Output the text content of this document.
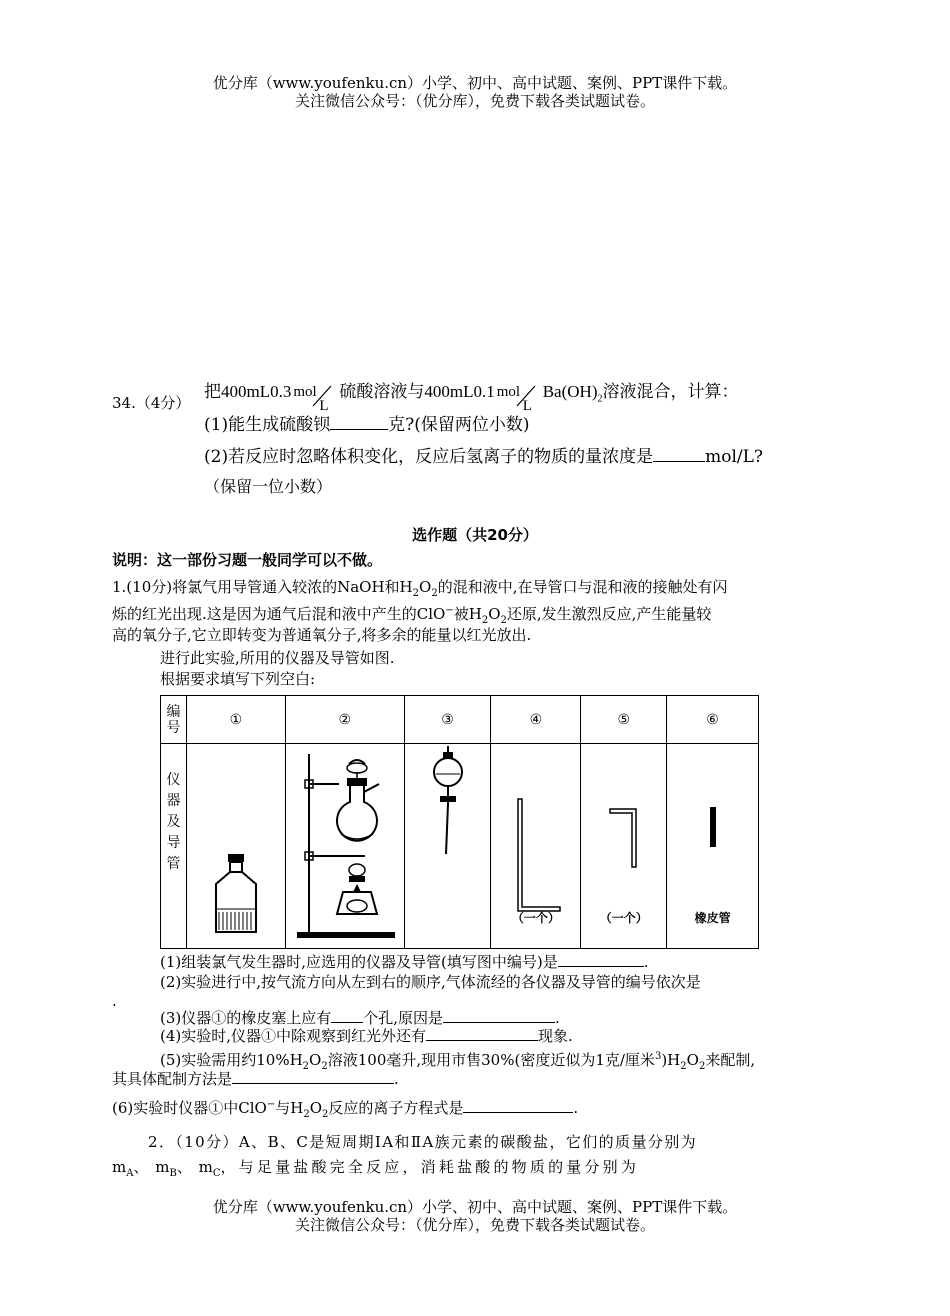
优分库（www.youfenku.cn）小学、初中、高中试题、案例、PPT课件下载。
关注微信公众号：（优分库），免费下载各类试题试卷。
34.（4分）
把400mL0.3 mol
L
硫酸溶液与400mL0.1 mol
L
$Ba(OH)_2$溶液混合，计算：
(1)能生成硫酸钡	克?(保留两位小数)
(2)若反应时忽略体积变化，反应后氢离子的物质的量浓度是	mol/L?
（保留一位小数）
选作题（共20分）
说明：这一部份习题一般同学可以不做。
1.(10分)将氯气用导管通入较浓的NaOH和$H_2O_2$的混和液中,在导管口与混和液的接触处有闪
烁的红光出现.这是因为通气后混和液中产生的ClO−被$H_2O_2$还原,发生激烈反应,产生能量较
高的氧分子,它立即转变为普通氧分子,将多余的能量以红光放出.
进行此实验,所用的仪器及导管如图.
根据要求填写下列空白:
编号	①	②	③	④	⑤	⑥

仪器及导管				（一个）	（一个）	橡皮管
(1)组装氯气发生器时,应选用的仪器及导管(填写图中编号)是	.
(2)实验进行中,按气流方向从左到右的顺序,气体流经的各仪器及导管的编号依次是
.
(3)仪器①的橡皮塞上应有 个孔,原因是	.
(4)实验时,仪器①中除观察到红光外还有	现象.
(5)实验需用约$10\%H_2O_2$溶液100毫升,现用市售30%(密度近似为1克/厘米$^3)H_2O_2$来配制,
其具体配制方法是	.
(6)实验时仪器①中ClO−与$H_2O_2$反应的离子方程式是	.
2．（10分）A、B、C是短周期ⅠA和ⅡA族元素的碳酸盐，它们的质量分别为
$m_A$、 $m_B$、 $m_C$，与足量盐酸完全反应，消耗盐酸的物质的量分别为
优分库（www.youfenku.cn）小学、初中、高中试题、案例、PPT课件下载。
关注微信公众号：（优分库），免费下载各类试题试卷。
